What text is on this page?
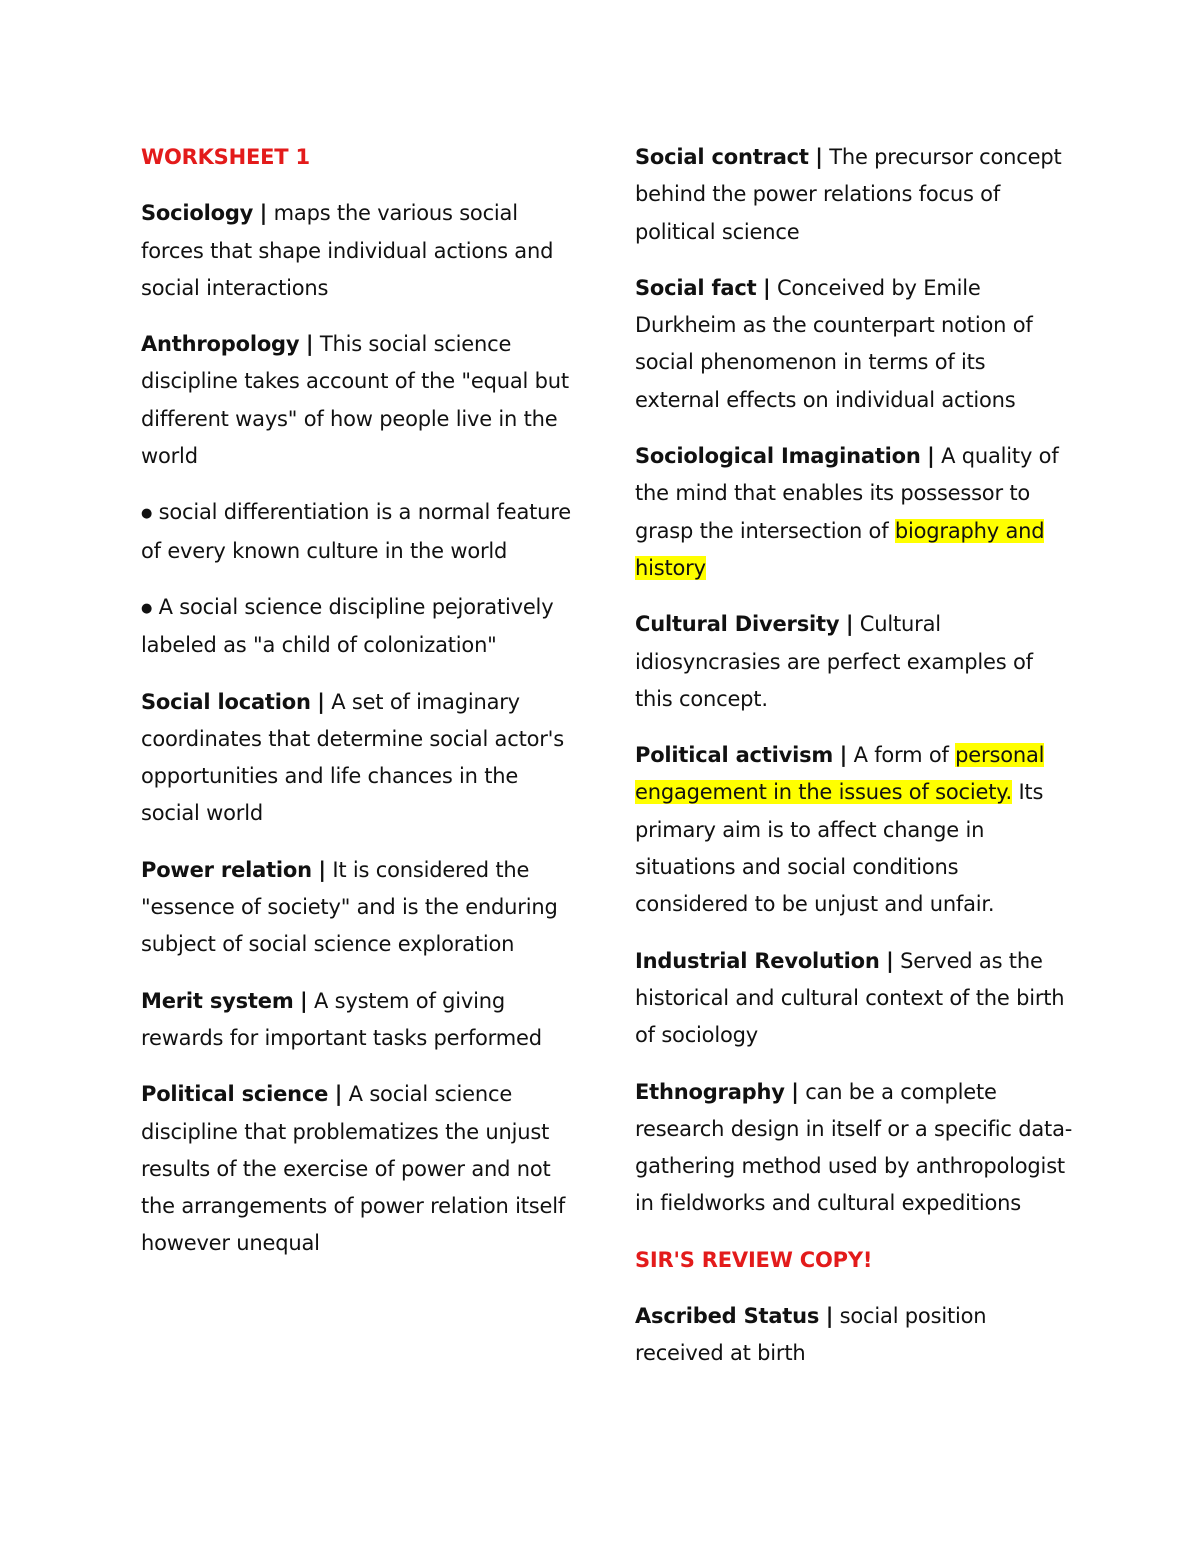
WORKSHEET 1
Sociology | maps the various social forces that shape individual actions and social interactions
Anthropology | This social science discipline takes account of the "equal but different ways" of how people live in the world
● social differentiation is a normal feature of every known culture in the world
● A social science discipline pejoratively labeled as "a child of colonization"
Social location | A set of imaginary coordinates that determine social actor's opportunities and life chances in the social world
Power relation | It is considered the "essence of society" and is the enduring subject of social science exploration
Merit system | A system of giving rewards for important tasks performed
Political science | A social science discipline that problematizes the unjust results of the exercise of power and not the arrangements of power relation itself however unequal
Social contract | The precursor concept behind the power relations focus of political science
Social fact | Conceived by Emile Durkheim as the counterpart notion of social phenomenon in terms of its external effects on individual actions
Sociological Imagination | A quality of the mind that enables its possessor to grasp the intersection of biography and history
Cultural Diversity | Cultural idiosyncrasies are perfect examples of this concept.
Political activism | A form of personal engagement in the issues of society. Its primary aim is to affect change in situations and social conditions considered to be unjust and unfair.
Industrial Revolution | Served as the historical and cultural context of the birth of sociology
Ethnography | can be a complete research design in itself or a specific data-gathering method used by anthropologist in fieldworks and cultural expeditions
SIR'S REVIEW COPY!
Ascribed Status | social position received at birth
